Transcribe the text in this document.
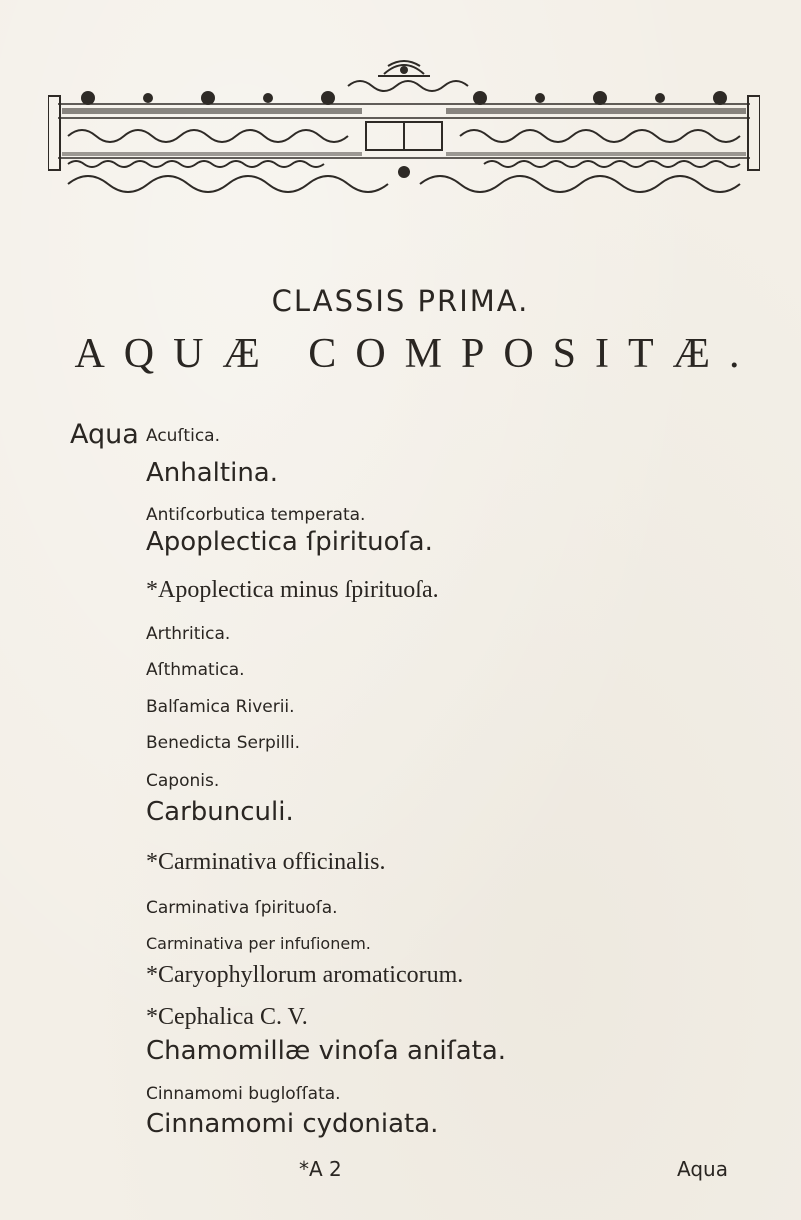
CLASSIS PRIMA.
AQUÆ COMPOSITÆ.
Aqua Acuſtica.
Anhaltina.
Antiſcorbutica temperata.
Apoplectica ſpirituoſa.
*Apoplectica minus ſpirituoſa.
Arthritica.
Aſthmatica.
Balſamica Riverii.
Benedicta Serpilli.
Caponis.
Carbunculi.
*Carminativa officinalis.
Carminativa ſpirituoſa.
Carminativa per infuſionem.
*Caryophyllorum aromaticorum.
*Cephalica C. V.
Chamomillæ vinoſa aniſata.
Cinnamomi bugloſſata.
Cinnamomi cydoniata.
*A 2	Aqua
